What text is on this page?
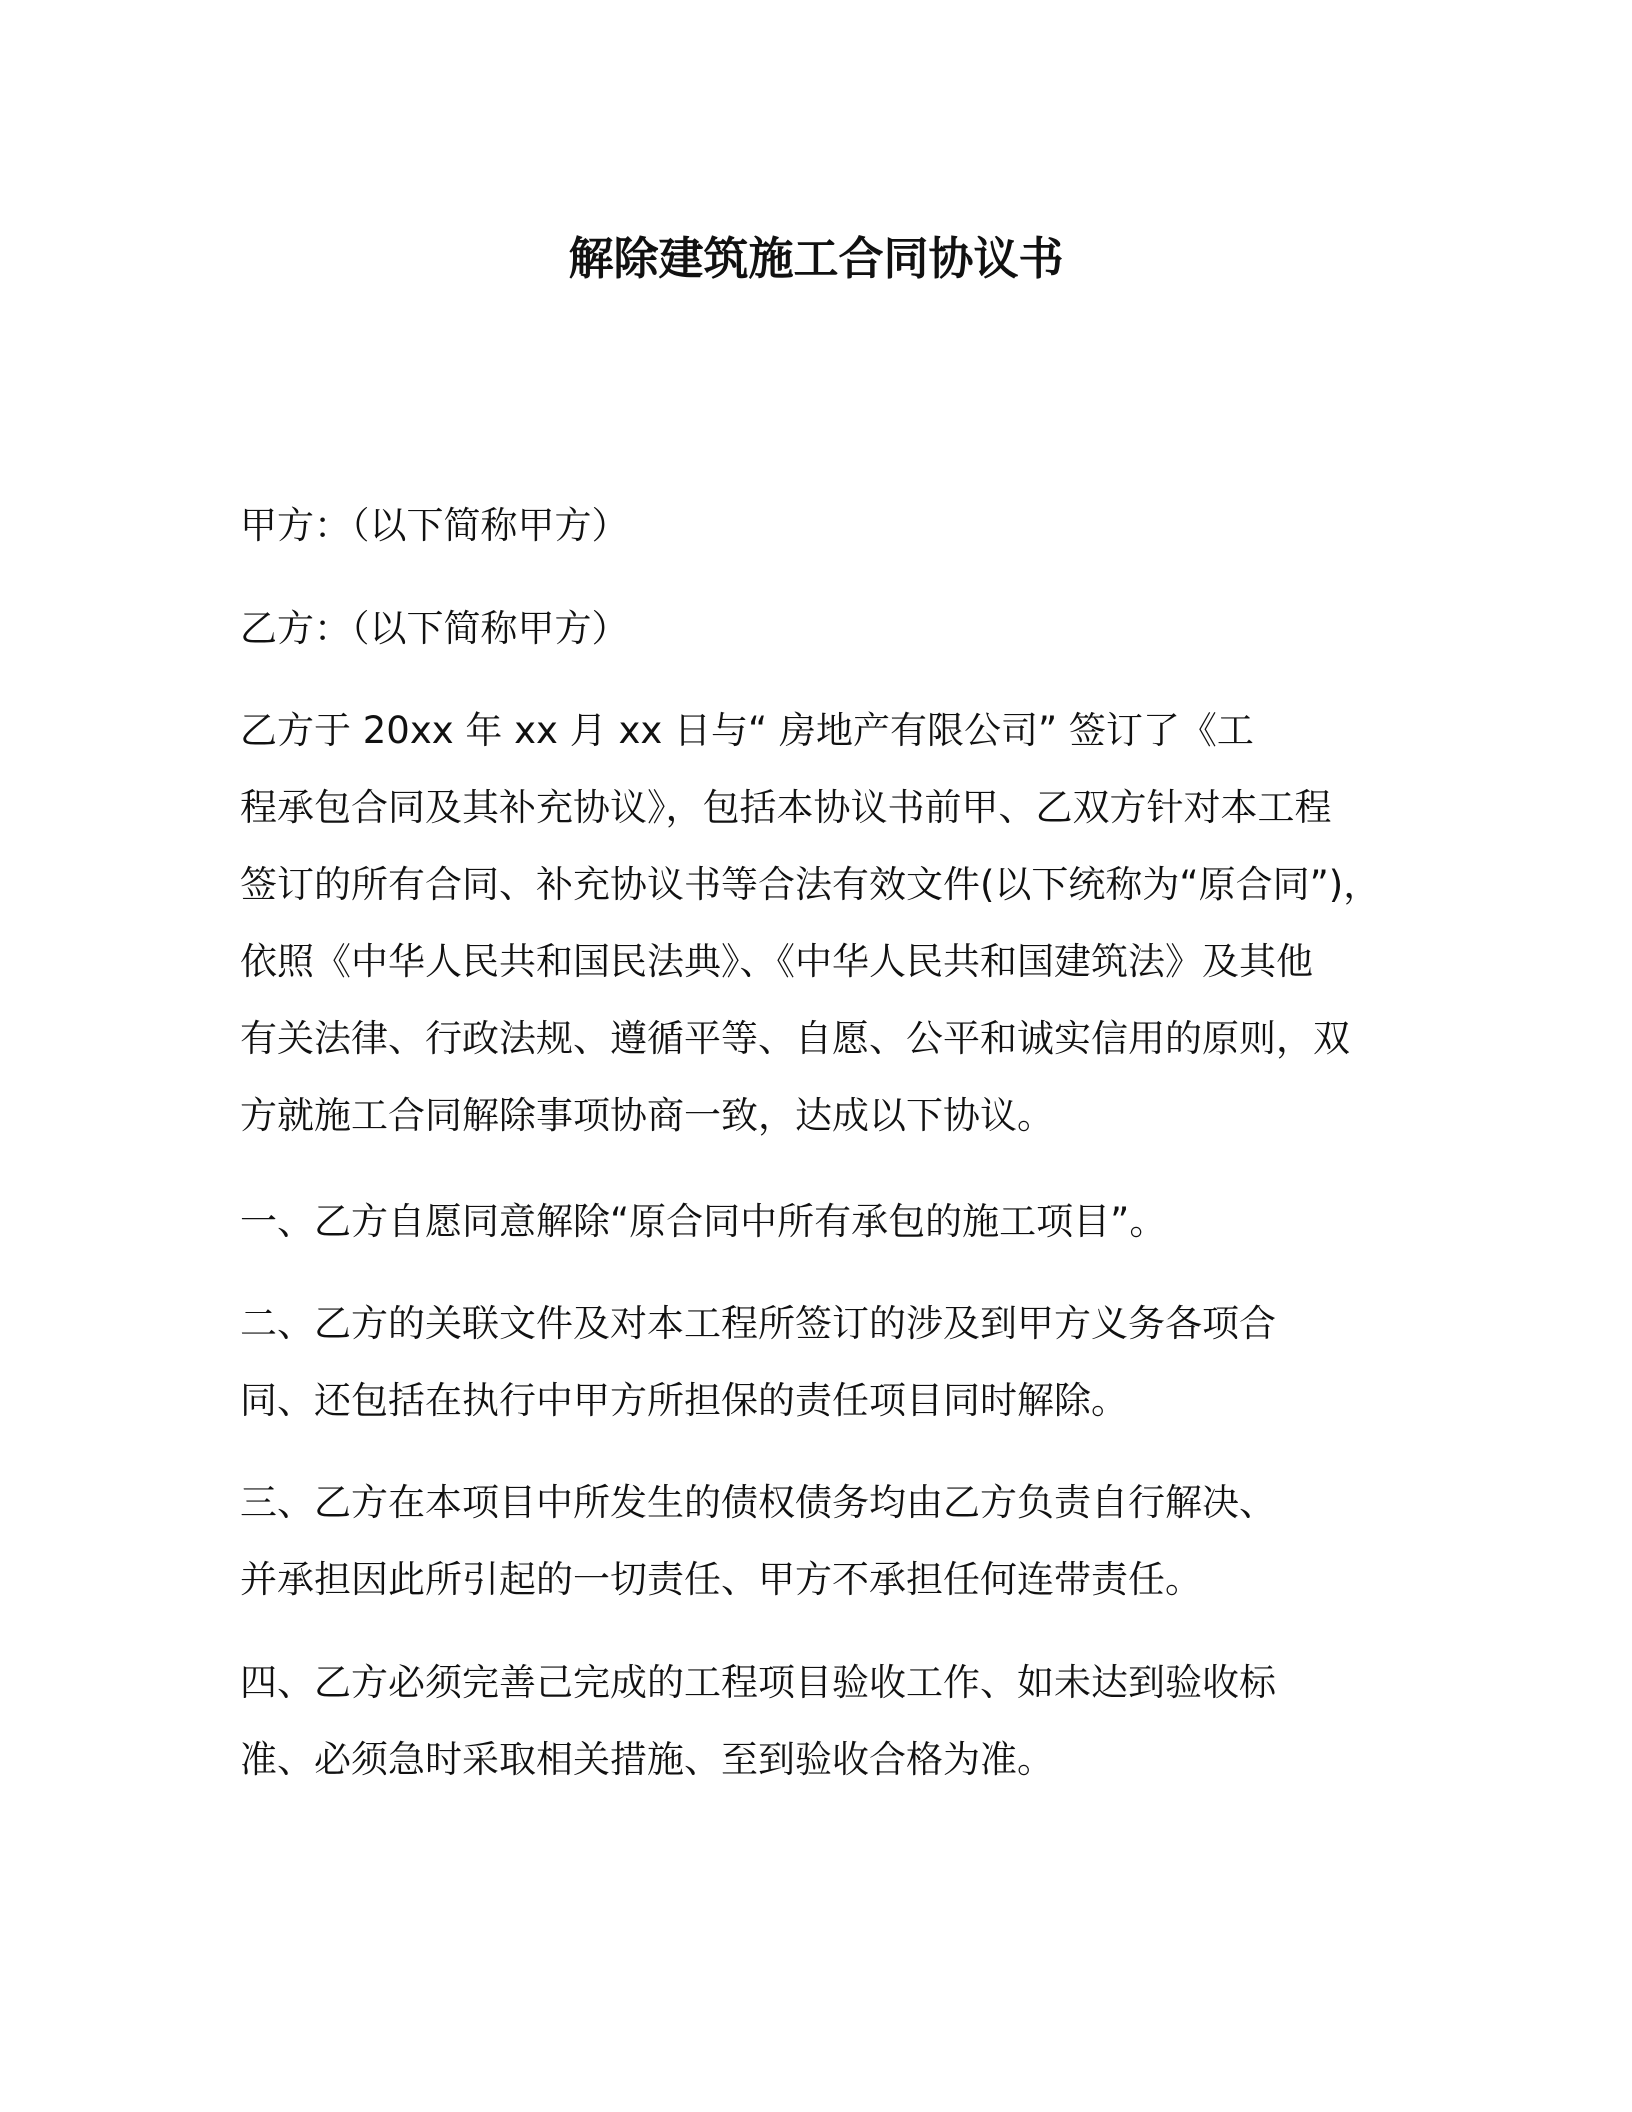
解除建筑施工合同协议书
甲方：（以下简称甲方）
乙方：（以下简称甲方）
乙方于 20xx 年 xx 月 xx 日与“ 房地产有限公司” 签订了《工
程承包合同及其补充协议》，包括本协议书前甲、乙双方针对本工程
签订的所有合同、补充协议书等合法有效文件(以下统称为“原合同”)，
依照《中华人民共和国民法典》、《中华人民共和国建筑法》及其他
有关法律、行政法规、遵循平等、自愿、公平和诚实信用的原则，双
方就施工合同解除事项协商一致，达成以下协议。
一、乙方自愿同意解除“原合同中所有承包的施工项目”。
二、乙方的关联文件及对本工程所签订的涉及到甲方义务各项合
同、还包括在执行中甲方所担保的责任项目同时解除。
三、乙方在本项目中所发生的债权债务均由乙方负责自行解决、
并承担因此所引起的一切责任、甲方不承担任何连带责任。
四、乙方必须完善己完成的工程项目验收工作、如未达到验收标
准、必须急时采取相关措施、至到验收合格为准。
